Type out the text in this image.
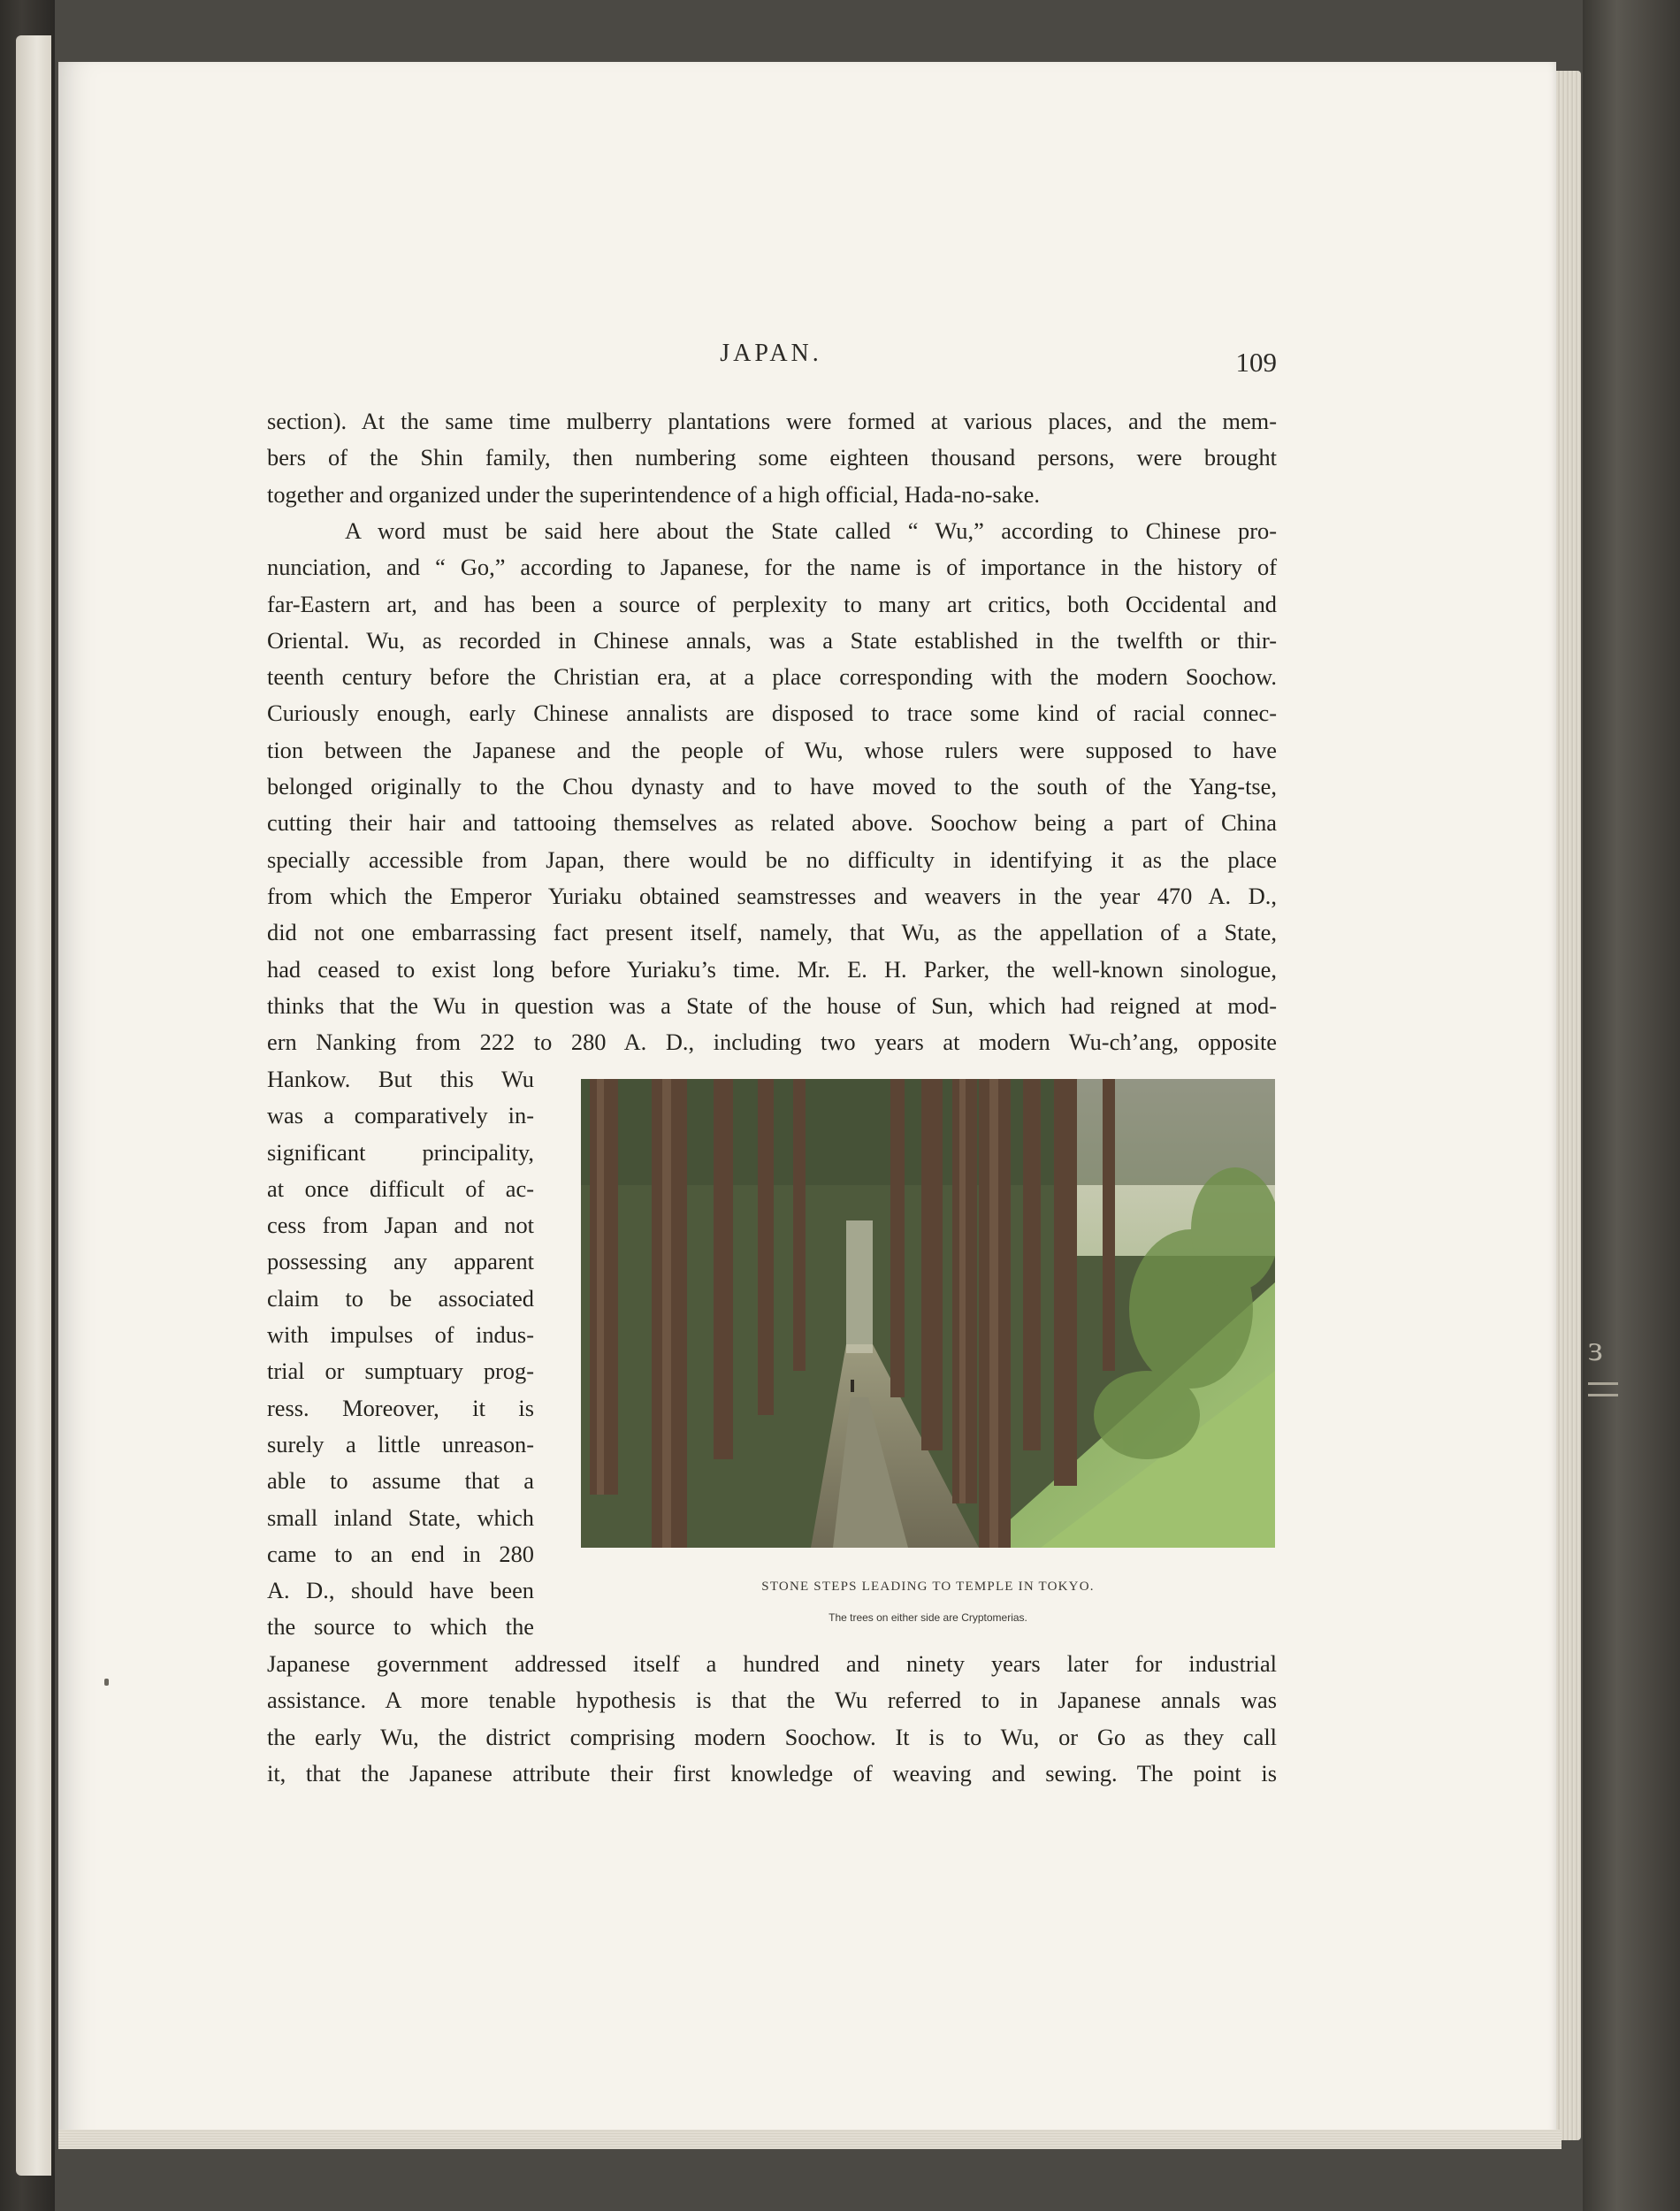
ɜ
JAPAN.	109
section). At the same time mulberry plantations were formed at various places, and the mem-
bers of the Shin family, then numbering some eighteen thousand persons, were brought
together and organized under the superintendence of a high official, Hada-no-sake.
A word must be said here about the State called “ Wu,” according to Chinese pro-
nunciation, and “ Go,” according to Japanese, for the name is of importance in the history of
far-Eastern art, and has been a source of perplexity to many art critics, both Occidental and
Oriental. Wu, as recorded in Chinese annals, was a State established in the twelfth or thir-
teenth century before the Christian era, at a place corresponding with the modern Soochow.
Curiously enough, early Chinese annalists are disposed to trace some kind of racial connec-
tion between the Japanese and the people of Wu, whose rulers were supposed to have
belonged originally to the Chou dynasty and to have moved to the south of the Yang-tse,
cutting their hair and tattooing themselves as related above. Soochow being a part of China
specially accessible from Japan, there would be no difficulty in identifying it as the place
from which the Emperor Yuriaku obtained seamstresses and weavers in the year 470 A. D.,
did not one embarrassing fact present itself, namely, that Wu, as the appellation of a State,
had ceased to exist long before Yuriaku’s time. Mr. E. H. Parker, the well-known sinologue,
thinks that the Wu in question was a State of the house of Sun, which had reigned at mod-
ern Nanking from 222 to 280 A. D., including two years at modern Wu-ch’ang, opposite
Hankow. But this Wu
was a comparatively in-
significant principality,
at once difficult of ac-
cess from Japan and not
possessing any apparent
claim to be associated
with impulses of indus-
trial or sumptuary prog-
ress. Moreover, it is
surely a little unreason-
able to assume that a
small inland State, which
came to an end in 280
A. D., should have been
the source to which the
STONE STEPS LEADING TO TEMPLE IN TOKYO.
The trees on either side are Cryptomerias.
Japanese government addressed itself a hundred and ninety years later for industrial
assistance. A more tenable hypothesis is that the Wu referred to in Japanese annals was
the early Wu, the district comprising modern Soochow. It is to Wu, or Go as they call
it, that the Japanese attribute their first knowledge of weaving and sewing. The point is
